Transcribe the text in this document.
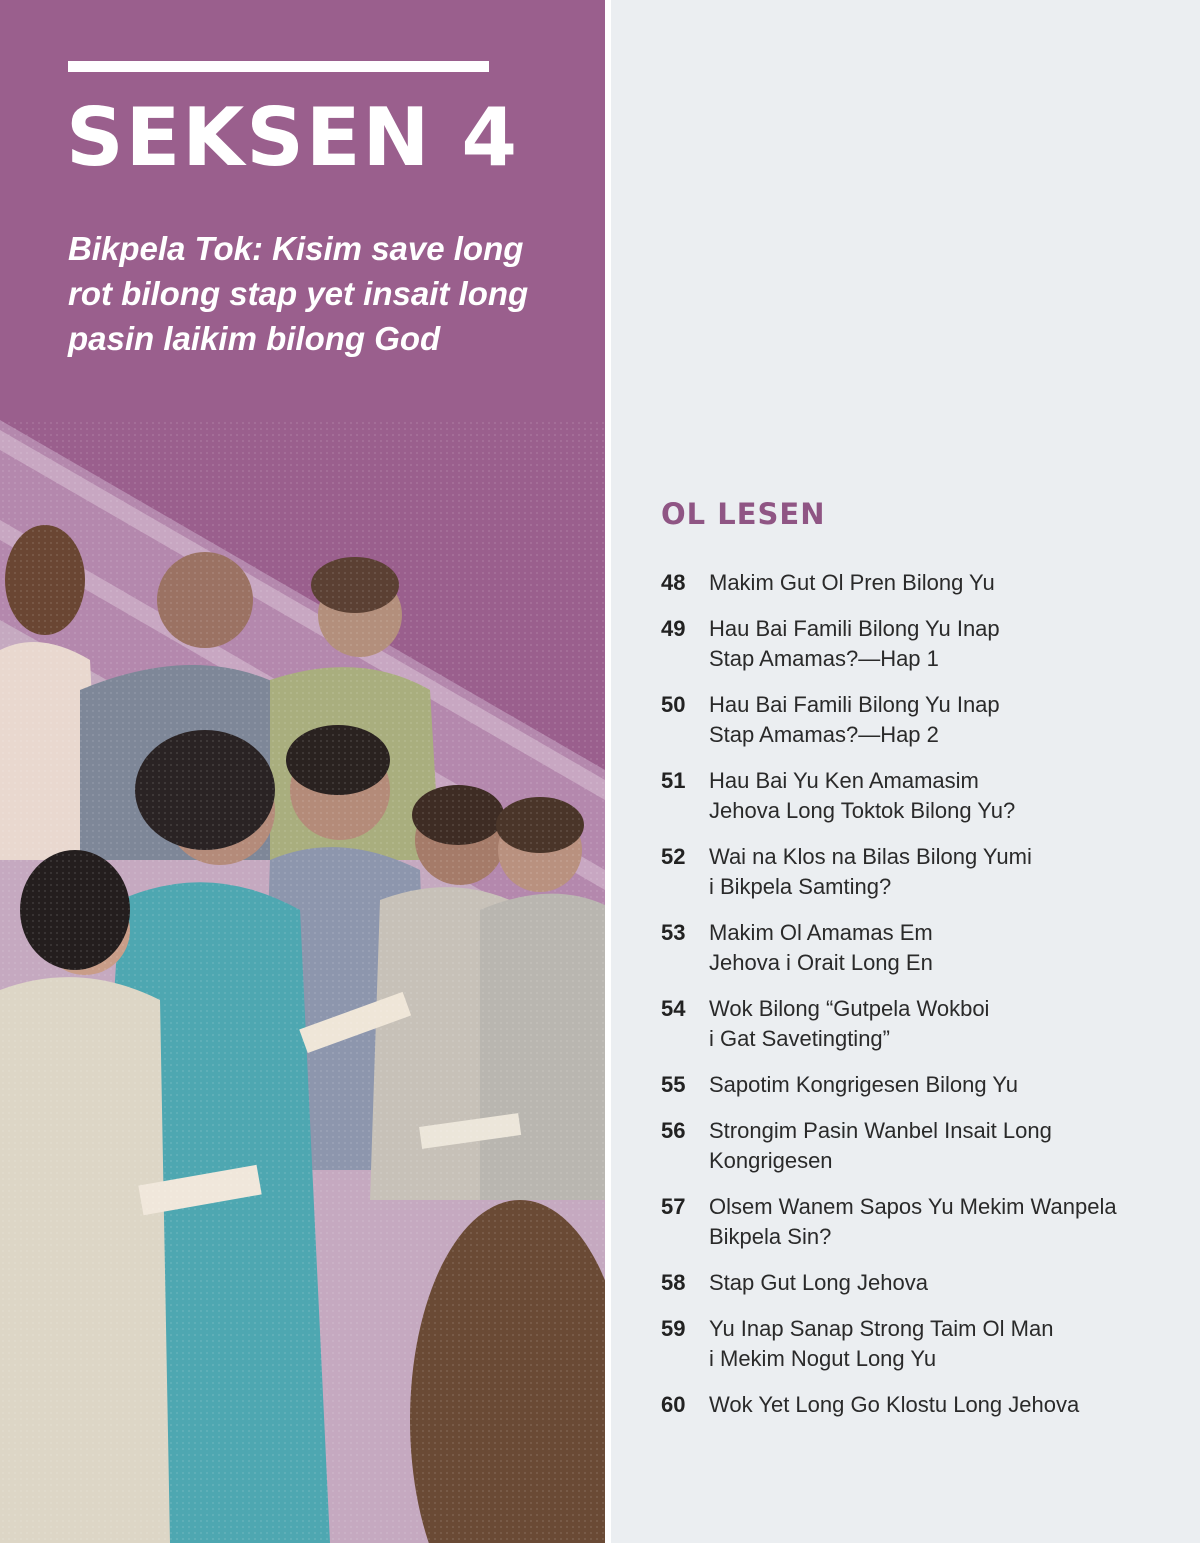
SEKSEN 4

Bikpela Tok: Kisim save long rot bilong stap yet insait long pasin laikim bilong God

OL LESEN
48 Makim Gut Ol Pren Bilong Yu
49 Hau Bai Famili Bilong Yu Inap
Stap Amamas?—Hap 1
50 Hau Bai Famili Bilong Yu Inap
Stap Amamas?—Hap 2
51 Hau Bai Yu Ken Amamasim
Jehova Long Toktok Bilong Yu?
52 Wai na Klos na Bilas Bilong Yumi
i Bikpela Samting?
53 Makim Ol Amamas Em
Jehova i Orait Long En
54 Wok Bilong “Gutpela Wokboi
i Gat Savetingting”
55 Sapotim Kongrigesen Bilong Yu
56 Strongim Pasin Wanbel Insait Long
Kongrigesen
57 Olsem Wanem Sapos Yu Mekim Wanpela
Bikpela Sin?
58 Stap Gut Long Jehova
59 Yu Inap Sanap Strong Taim Ol Man
i Mekim Nogut Long Yu
60 Wok Yet Long Go Klostu Long Jehova
